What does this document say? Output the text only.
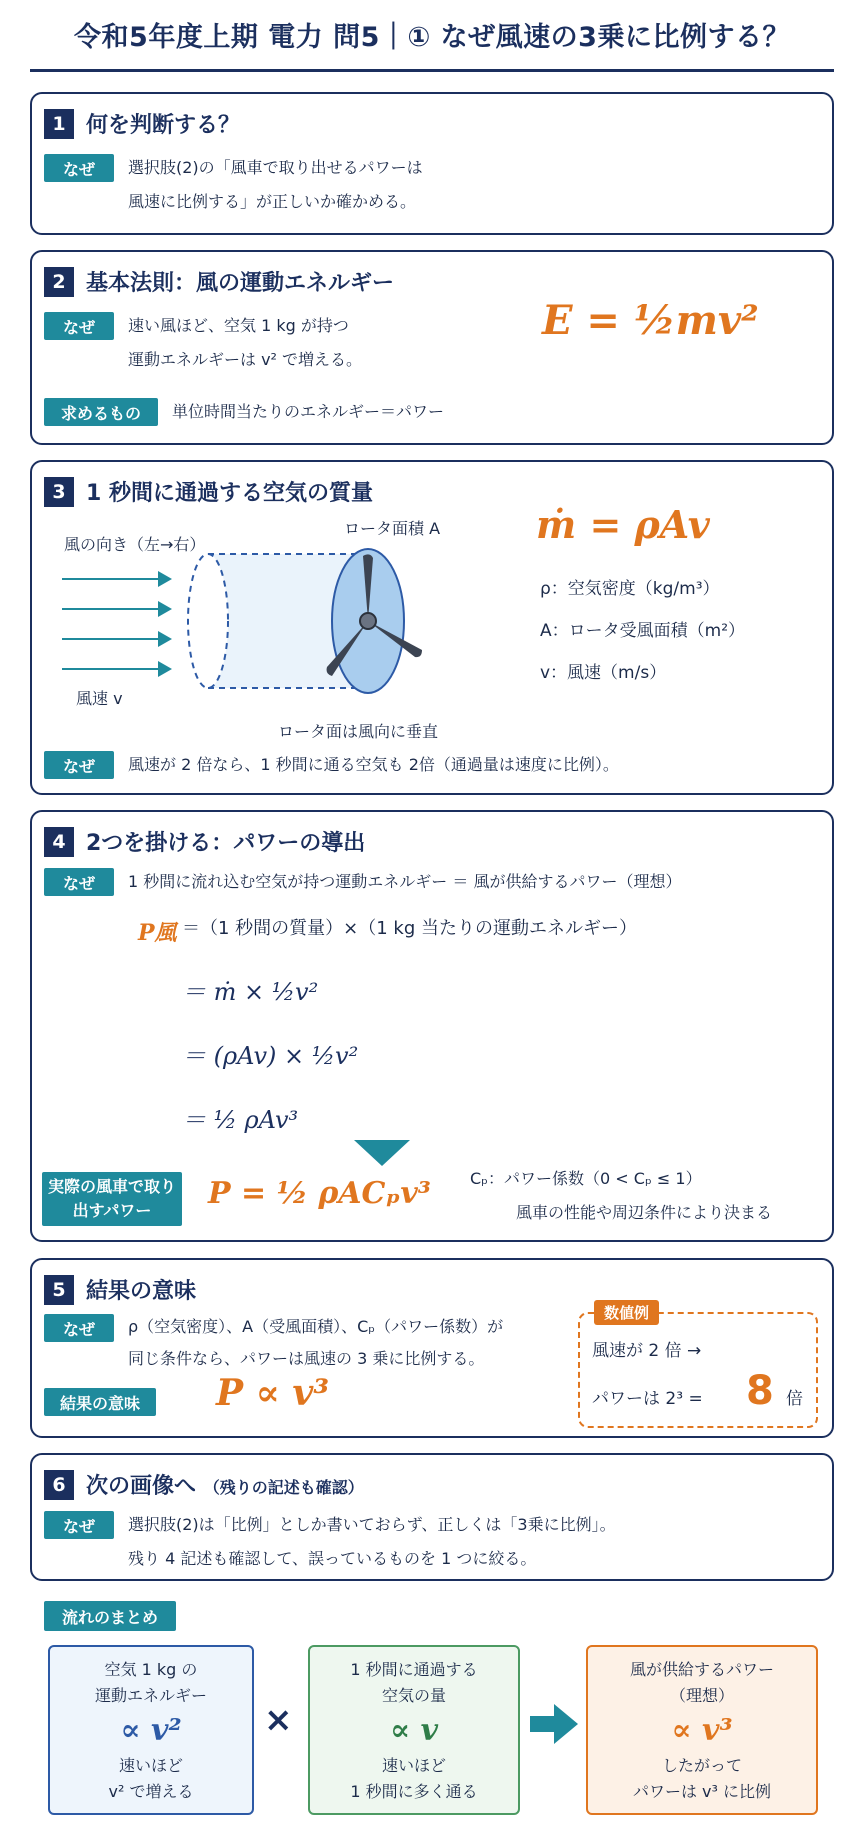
令和5年度上期 電力 問5｜① なぜ風速の3乗に比例する？
1 何を判断する？
なぜ	選択肢(2)の「風車で取り出せるパワーは
風速に比例する」が正しいか確かめる。
2 基本法則：風の運動エネルギー
なぜ	速い風ほど、空気 1 kg が持つ
運動エネルギーは v² で増える。
求めるもの	単位時間当たりのエネルギー＝パワー
E = ½mv²
3 1 秒間に通過する空気の質量
風の向き（左→右）
ロータ面積 A
風速 v
ロータ面は風向に垂直
ṁ = ρAv
ρ：空気密度（kg/m³）
A：ロータ受風面積（m²）
v：風速（m/s）
なぜ	風速が 2 倍なら、1 秒間に通る空気も 2倍（通過量は速度に比例）。
4 2つを掛ける：パワーの導出
なぜ	1 秒間に流れ込む空気が持つ運動エネルギー ＝ 風が供給するパワー（理想）
P風 ＝（1 秒間の質量）×（1 kg 当たりの運動エネルギー）
＝ ṁ × ½v²
＝ (ρAv) × ½v²
＝ ½ ρAv³
実際の風車で取り出すパワー	P = ½ ρACₚv³ Cₚ：パワー係数（0 < Cₚ ≤ 1）
風車の性能や周辺条件により決まる
5 結果の意味
なぜ	ρ（空気密度）、A（受風面積）、Cₚ（パワー係数）が
同じ条件なら、パワーは風速の 3 乗に比例する。
結果の意味	P ∝ v³
数値例
風速が 2 倍 →
パワーは 2³ = 8 倍
6 次の画像へ （残りの記述も確認）
なぜ	選択肢(2)は「比例」としか書いておらず、正しくは「3乗に比例」。
残り 4 記述も確認して、誤っているものを 1 つに絞る。
流れのまとめ
空気 1 kg の
運動エネルギー
∝ v²
速いほど
v² で増える
×
1 秒間に通過する
空気の量
∝ v
速いほど
1 秒間に多く通る
風が供給するパワー
（理想）
∝ v³
したがって
パワーは v³ に比例
